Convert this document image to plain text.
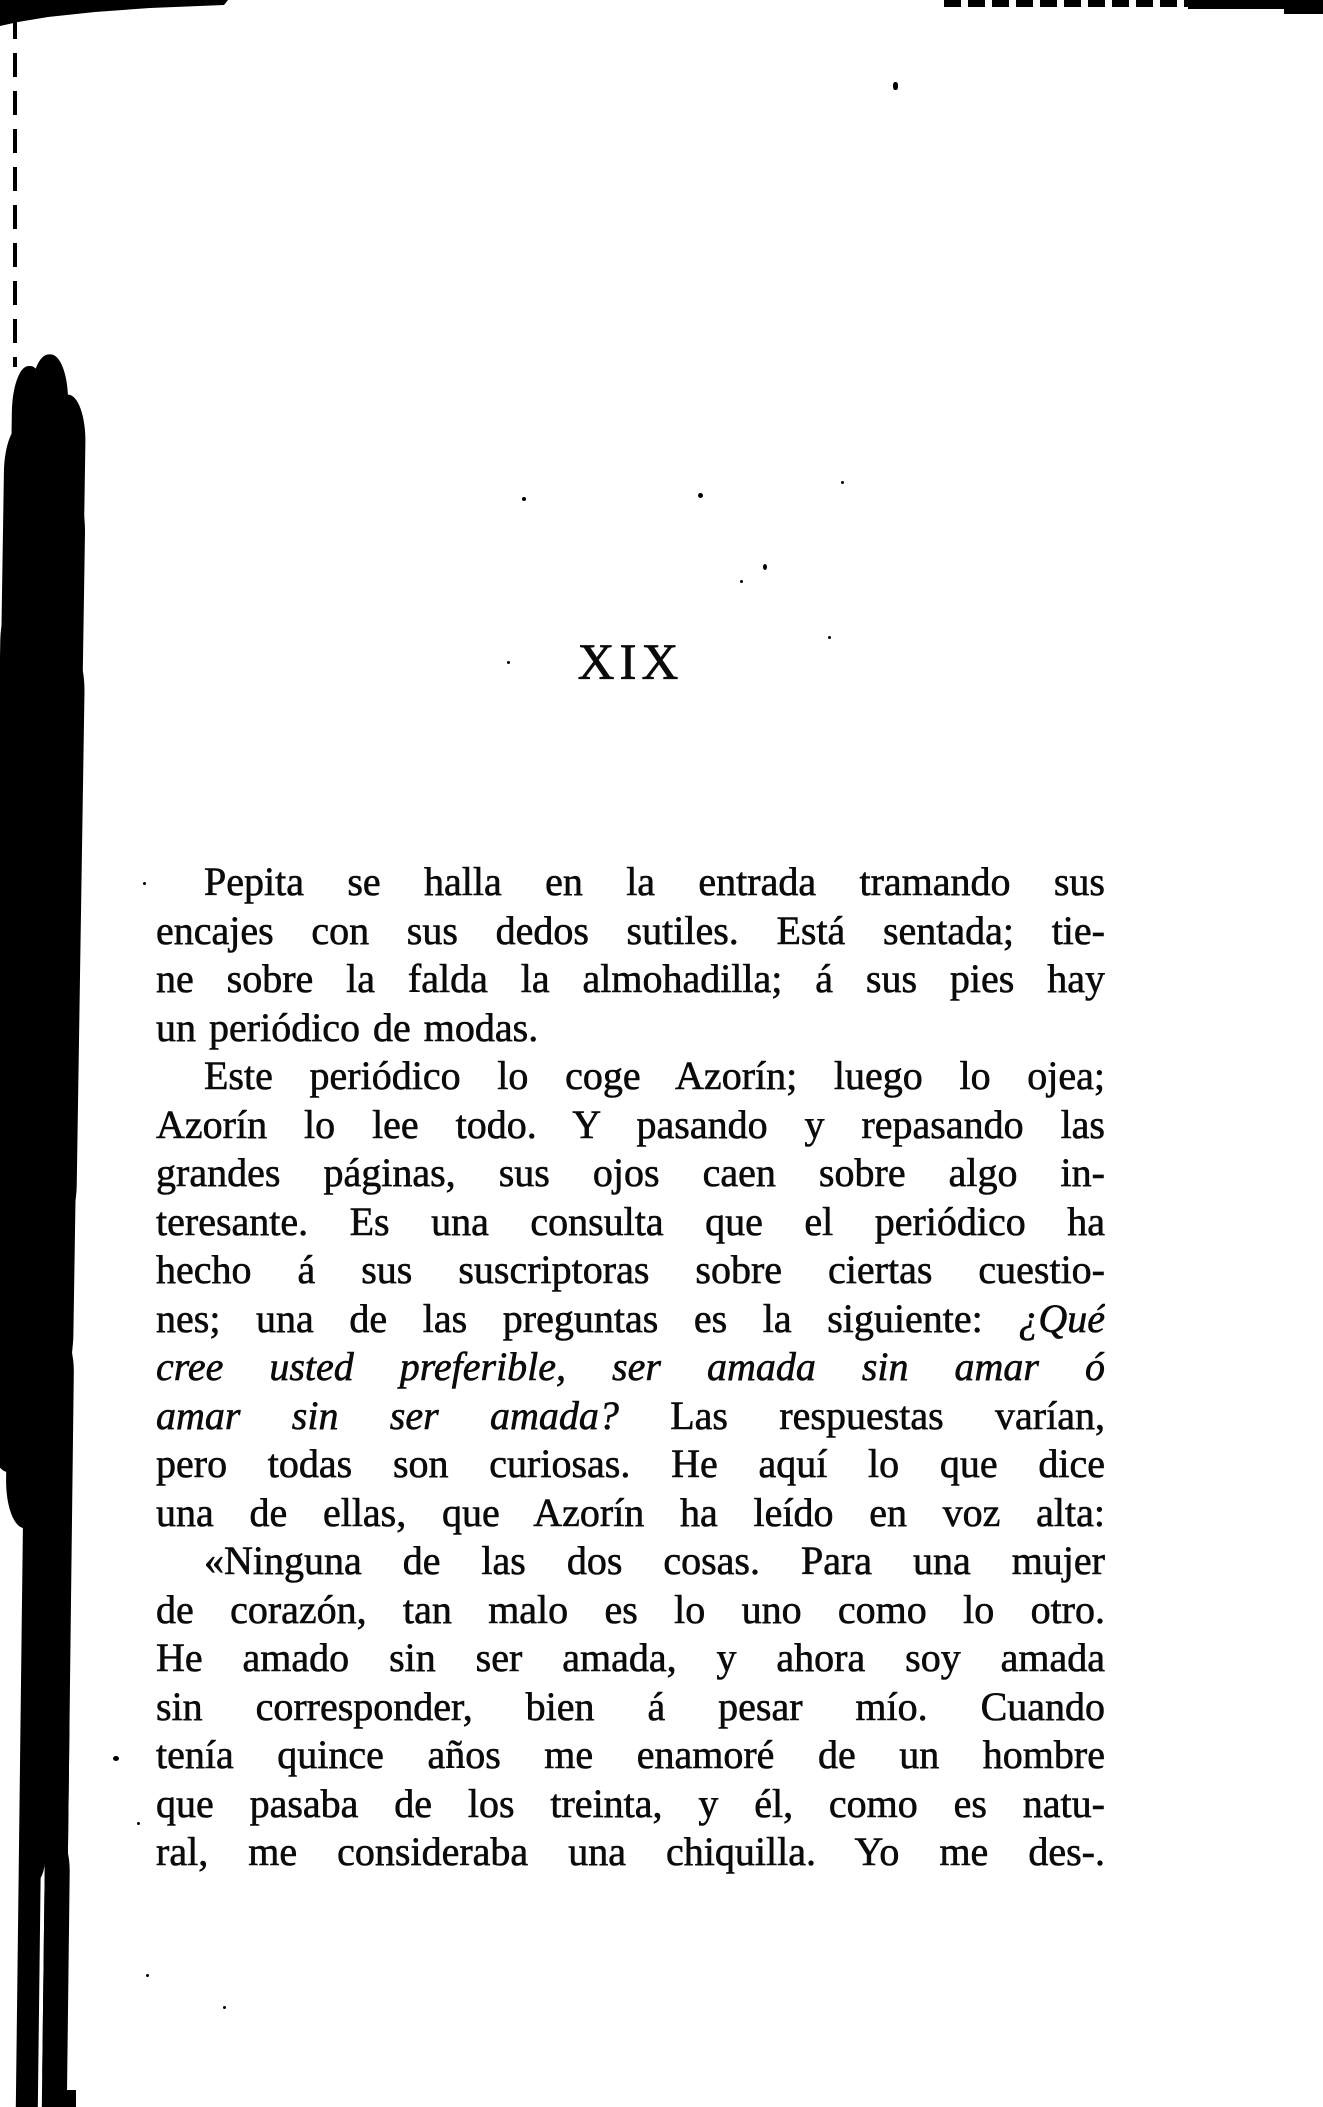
XIX
Pepita se halla en la entrada tramando sus
encajes con sus dedos sutiles. Está sentada; tie-
ne sobre la falda la almohadilla; á sus pies hay
un periódico de modas.
Este periódico lo coge Azorín; luego lo ojea;
Azorín lo lee todo. Y pasando y repasando las
grandes páginas, sus ojos caen sobre algo in-
teresante. Es una consulta que el periódico ha
hecho á sus suscriptoras sobre ciertas cuestio-
nes; una de las preguntas es la siguiente: ¿Qué
cree usted preferible, ser amada sin amar ó
amar sin ser amada? Las respuestas varían,
pero todas son curiosas. He aquí lo que dice
una de ellas, que Azorín ha leído en voz alta:
«Ninguna de las dos cosas. Para una mujer
de corazón, tan malo es lo uno como lo otro.
He amado sin ser amada, y ahora soy amada
sin corresponder, bien á pesar mío. Cuando
tenía quince años me enamoré de un hombre
que pasaba de los treinta, y él, como es natu-
ral, me consideraba una chiquilla. Yo me des-.
